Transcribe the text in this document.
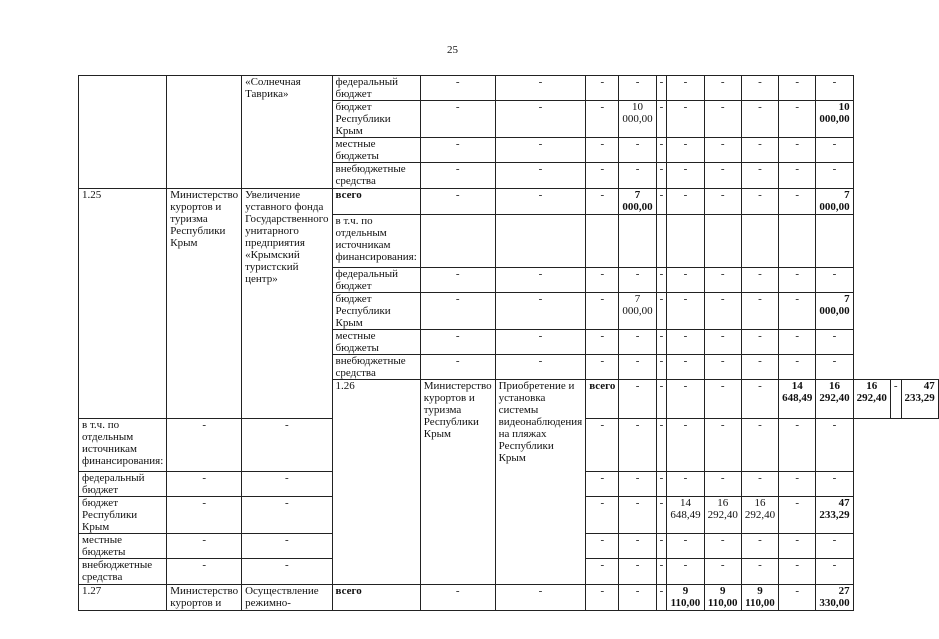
25
		«Солнечная Таврика»	федеральный бюджет	-	-	-	-	-	-	-	-	-	-			
			бюджет Республики Крым	-	-	-	10 000,00	-	-	-	-	-	10 000,00			
			местные бюджеты	-	-	-	-	-	-	-	-	-	-			
			внебюджетные средства	-	-	-	-	-	-	-	-	-	-			
1.25	Министерство курортов и туризма Республики Крым	Увеличение уставного фонда Государственного унитарного предприятия «Крымский туристский центр»	всего	-	-	-	7 000,00	-	-	-	-	-	7 000,00			
			в т.ч. по отдельным источникам финансирования:													
			федеральный бюджет	-	-	-	-	-	-	-	-	-	-			
			бюджет Республики Крым	-	-	-	7 000,00	-	-	-	-	-	7 000,00			
			местные бюджеты	-	-	-	-	-	-	-	-	-	-			
			внебюджетные средства	-	-	-	-	-	-	-	-	-	-			
			1.26	Министерство курортов и туризма Республики Крым	Приобретение и установка системы видеонаблюдения на пляжах Республики Крым	всего	-	-	-	-	-	14 648,49	16 292,40	16 292,40	-	47 233,29
в т.ч. по отдельным источникам финансирования:	-	-				-	-	-	-	-	-	-	-			
федеральный бюджет	-	-				-	-	-	-	-	-	-	-			
бюджет Республики Крым	-	-				-	-	-	14 648,49	16 292,40	16 292,40	-	47 233,29			
местные бюджеты	-	-				-	-	-	-	-	-	-	-			
внебюджетные средства	-	-				-	-	-	-	-	-	-	-			
1.27	Министерство курортов и	Осуществление режимно-	всего	-	-	-	-	-	9 110,00	9 110,00	9 110,00	-	27 330,00			
